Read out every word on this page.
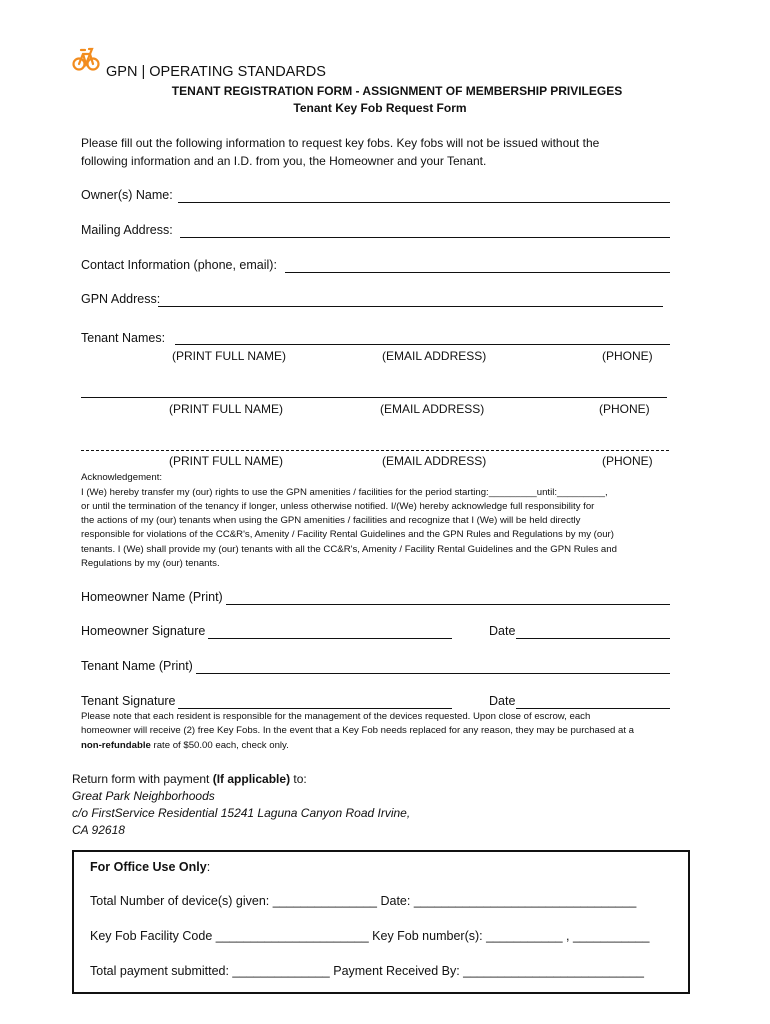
GPN | OPERATING STANDARDS
TENANT REGISTRATION FORM - ASSIGNMENT OF MEMBERSHIP PRIVILEGES
Tenant Key Fob Request Form
Please fill out the following information to request key fobs. Key fobs will not be issued without the
following information and an I.D. from you, the Homeowner and your Tenant.
Owner(s) Name:
Mailing Address:
Contact Information (phone, email):
GPN Address:
Tenant Names:
(PRINT FULL NAME)	(EMAIL ADDRESS)	(PHONE)
(PRINT FULL NAME)	(EMAIL ADDRESS)	(PHONE)
(PRINT FULL NAME)	(EMAIL ADDRESS)	(PHONE)
Acknowledgement:
I (We) hereby transfer my (our) rights to use the GPN amenities / facilities for the period starting:_________until:_________,
or until the termination of the tenancy if longer, unless otherwise notified. I/(We) hereby acknowledge full responsibility for
the actions of my (our) tenants when using the GPN amenities / facilities and recognize that I (We) will be held directly
responsible for violations of the CC&R's, Amenity / Facility Rental Guidelines and the GPN Rules and Regulations by my (our)
tenants. I (We) shall provide my (our) tenants with all the CC&R's, Amenity / Facility Rental Guidelines and the GPN Rules and
Regulations by my (our) tenants.
Homeowner Name (Print)
Homeowner Signature	Date
Tenant Name (Print)
Tenant Signature	Date
Please note that each resident is responsible for the management of the devices requested. Upon close of escrow, each
homeowner will receive (2) free Key Fobs. In the event that a Key Fob needs replaced for any reason, they may be purchased at a
non-refundable rate of $50.00 each, check only.
Return form with payment (If applicable) to:
Great Park Neighborhoods
c/o FirstService Residential 15241 Laguna Canyon Road Irvine,
CA 92618
For Office Use Only:
Total Number of device(s) given: _______________ Date: ________________________________
Key Fob Facility Code ______________________ Key Fob number(s): ___________ , ___________
Total payment submitted: ______________ Payment Received By: __________________________
